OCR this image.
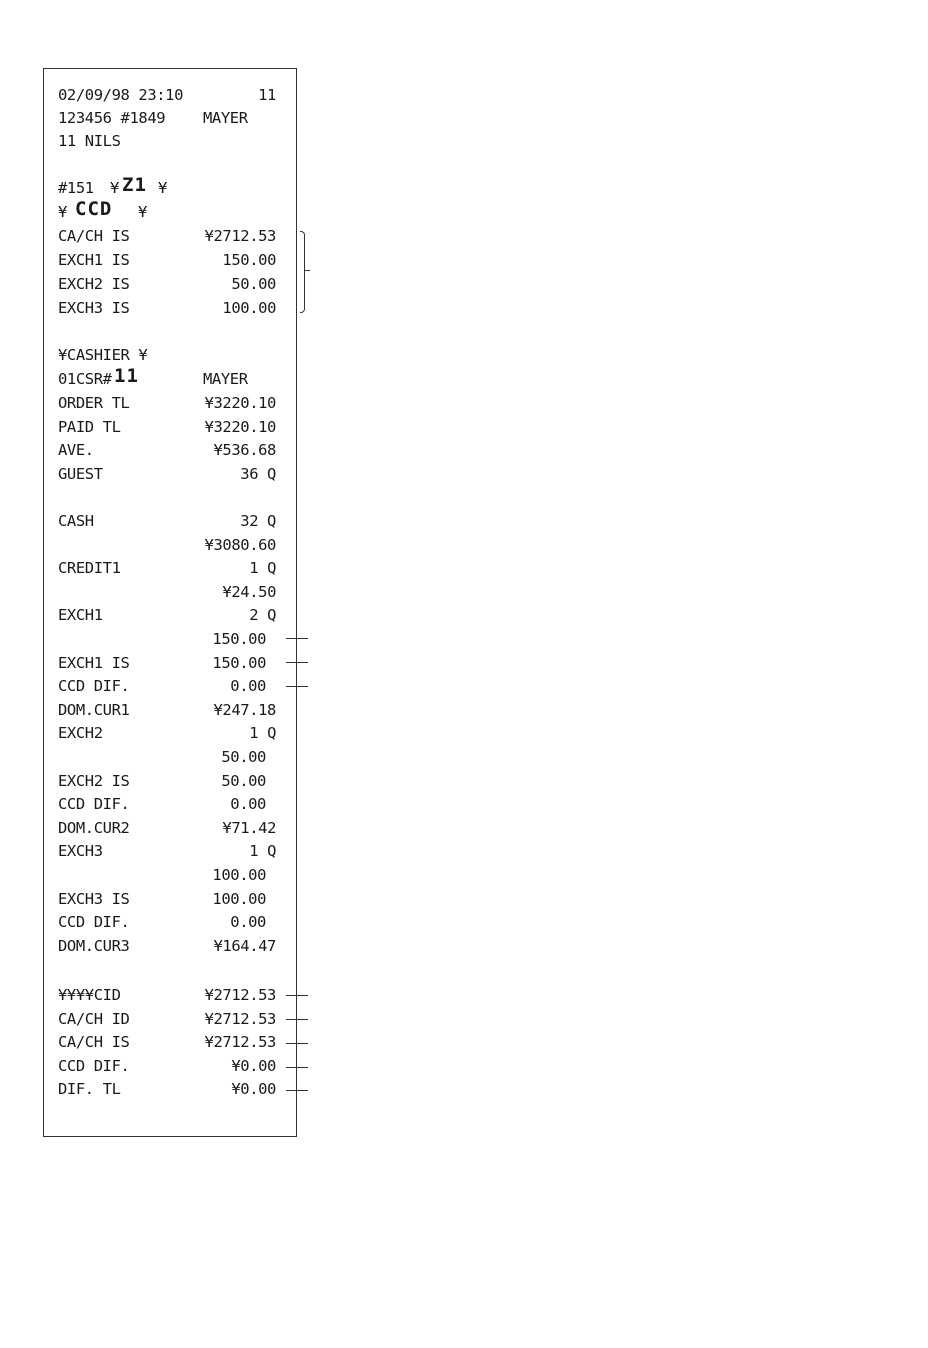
02/09/98 23:10	11
123456 #1849 MAYER
11 NILS
#151 ¥ Z1 ¥
¥ CCD ¥
CA/CH IS	¥2712.53
EXCH1 IS	150.00
EXCH2 IS	50.00
EXCH3 IS	100.00
¥CASHIER ¥
01CSR# 11	MAYER
ORDER TL	¥3220.10
PAID TL	¥3220.10
AVE.	¥536.68
GUEST	36 Q
CASH	32 Q
¥3080.60
CREDIT1	1 Q
¥24.50
EXCH1	2 Q
150.00
EXCH1 IS	150.00
CCD DIF.	0.00
DOM.CUR1	¥247.18
EXCH2	1 Q
50.00
EXCH2 IS	50.00
CCD DIF.	0.00
DOM.CUR2	¥71.42
EXCH3	1 Q
100.00
EXCH3 IS	100.00
CCD DIF.	0.00
DOM.CUR3	¥164.47
¥¥¥¥CID	¥2712.53
CA/CH ID	¥2712.53
CA/CH IS	¥2712.53
CCD DIF.	¥0.00
DIF. TL	¥0.00
